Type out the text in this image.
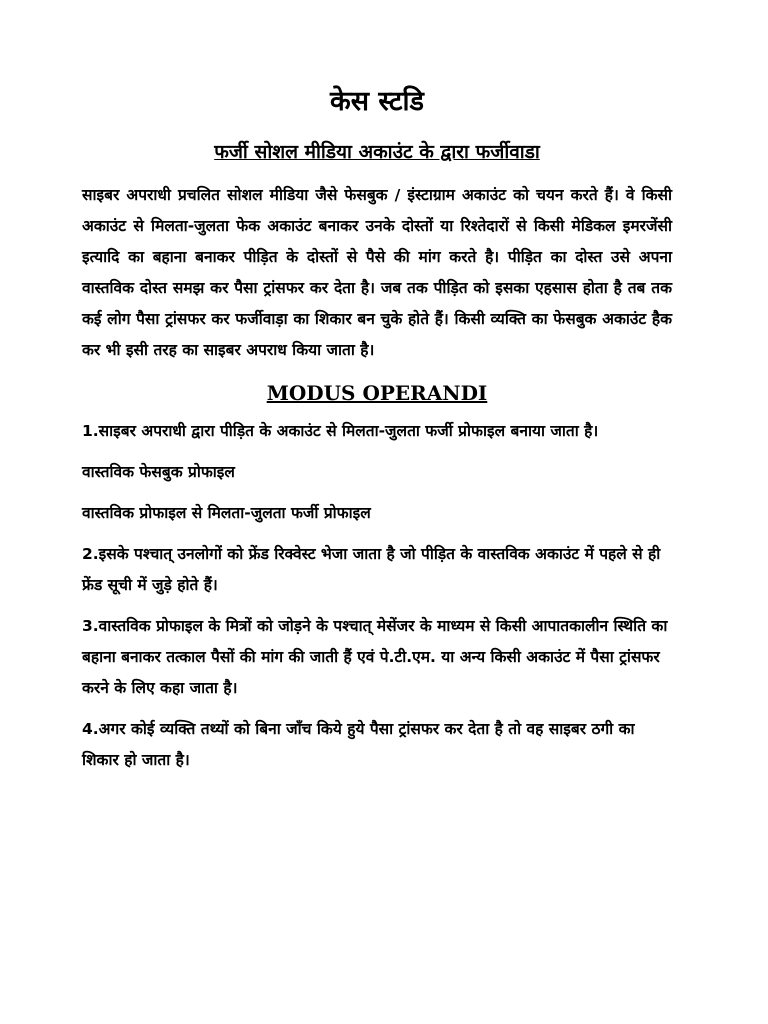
केस स्टडि
फर्जी सोशल मीडिया अकाउंट के द्वारा फर्जीवाडा

साइबर अपराधी प्रचलित सोशल मीडिया जैसे फेसबुक / इंस्टाग्राम अकाउंट को चयन करते हैं। वे किसी अकाउंट से मिलता-जुलता फेक अकाउंट बनाकर उनके दोस्तों या रिश्तेदारों से किसी मेडिकल इमरजेंसी इत्यादि का बहाना बनाकर पीड़ित के दोस्तों से पैसे की मांग करते है। पीड़ित का दोस्त उसे अपना वास्तविक दोस्त समझ कर पैसा ट्रांसफर कर देता है। जब तक पीड़ित को इसका एहसास होता है तब तक कई लोग पैसा ट्रांसफर कर फर्जीवाड़ा का शिकार बन चुके होते हैं। किसी व्यक्ति का फेसबुक अकाउंट हैक कर भी इसी तरह का साइबर अपराध किया जाता है।

MODUS OPERANDI

1.साइबर अपराधी द्वारा पीड़ित के अकाउंट से मिलता-जुलता फर्जी प्रोफाइल बनाया जाता है।

वास्तविक फेसबुक प्रोफाइल

वास्तविक प्रोफाइल से मिलता-जुलता फर्जी प्रोफाइल

2.इसके पश्चात् उनलोगों को फ्रेंड रिक्वेस्ट भेजा जाता है जो पीड़ित के वास्तविक अकाउंट में पहले से ही फ्रेंड सूची में जुड़े होते हैं।

3.वास्तविक प्रोफाइल के मित्रों को जोड़ने के पश्चात् मेसेंजर के माध्यम से किसी आपातकालीन स्थिति का बहाना बनाकर तत्काल पैसों की मांग की जाती हैं एवं पे.टी.एम. या अन्य किसी अकाउंट में पैसा ट्रांसफर करने के लिए कहा जाता है।

4.अगर कोई व्यक्ति तथ्यों को बिना जाँच किये हुये पैसा ट्रांसफर कर देता है तो वह साइबर ठगी का शिकार हो जाता है।
